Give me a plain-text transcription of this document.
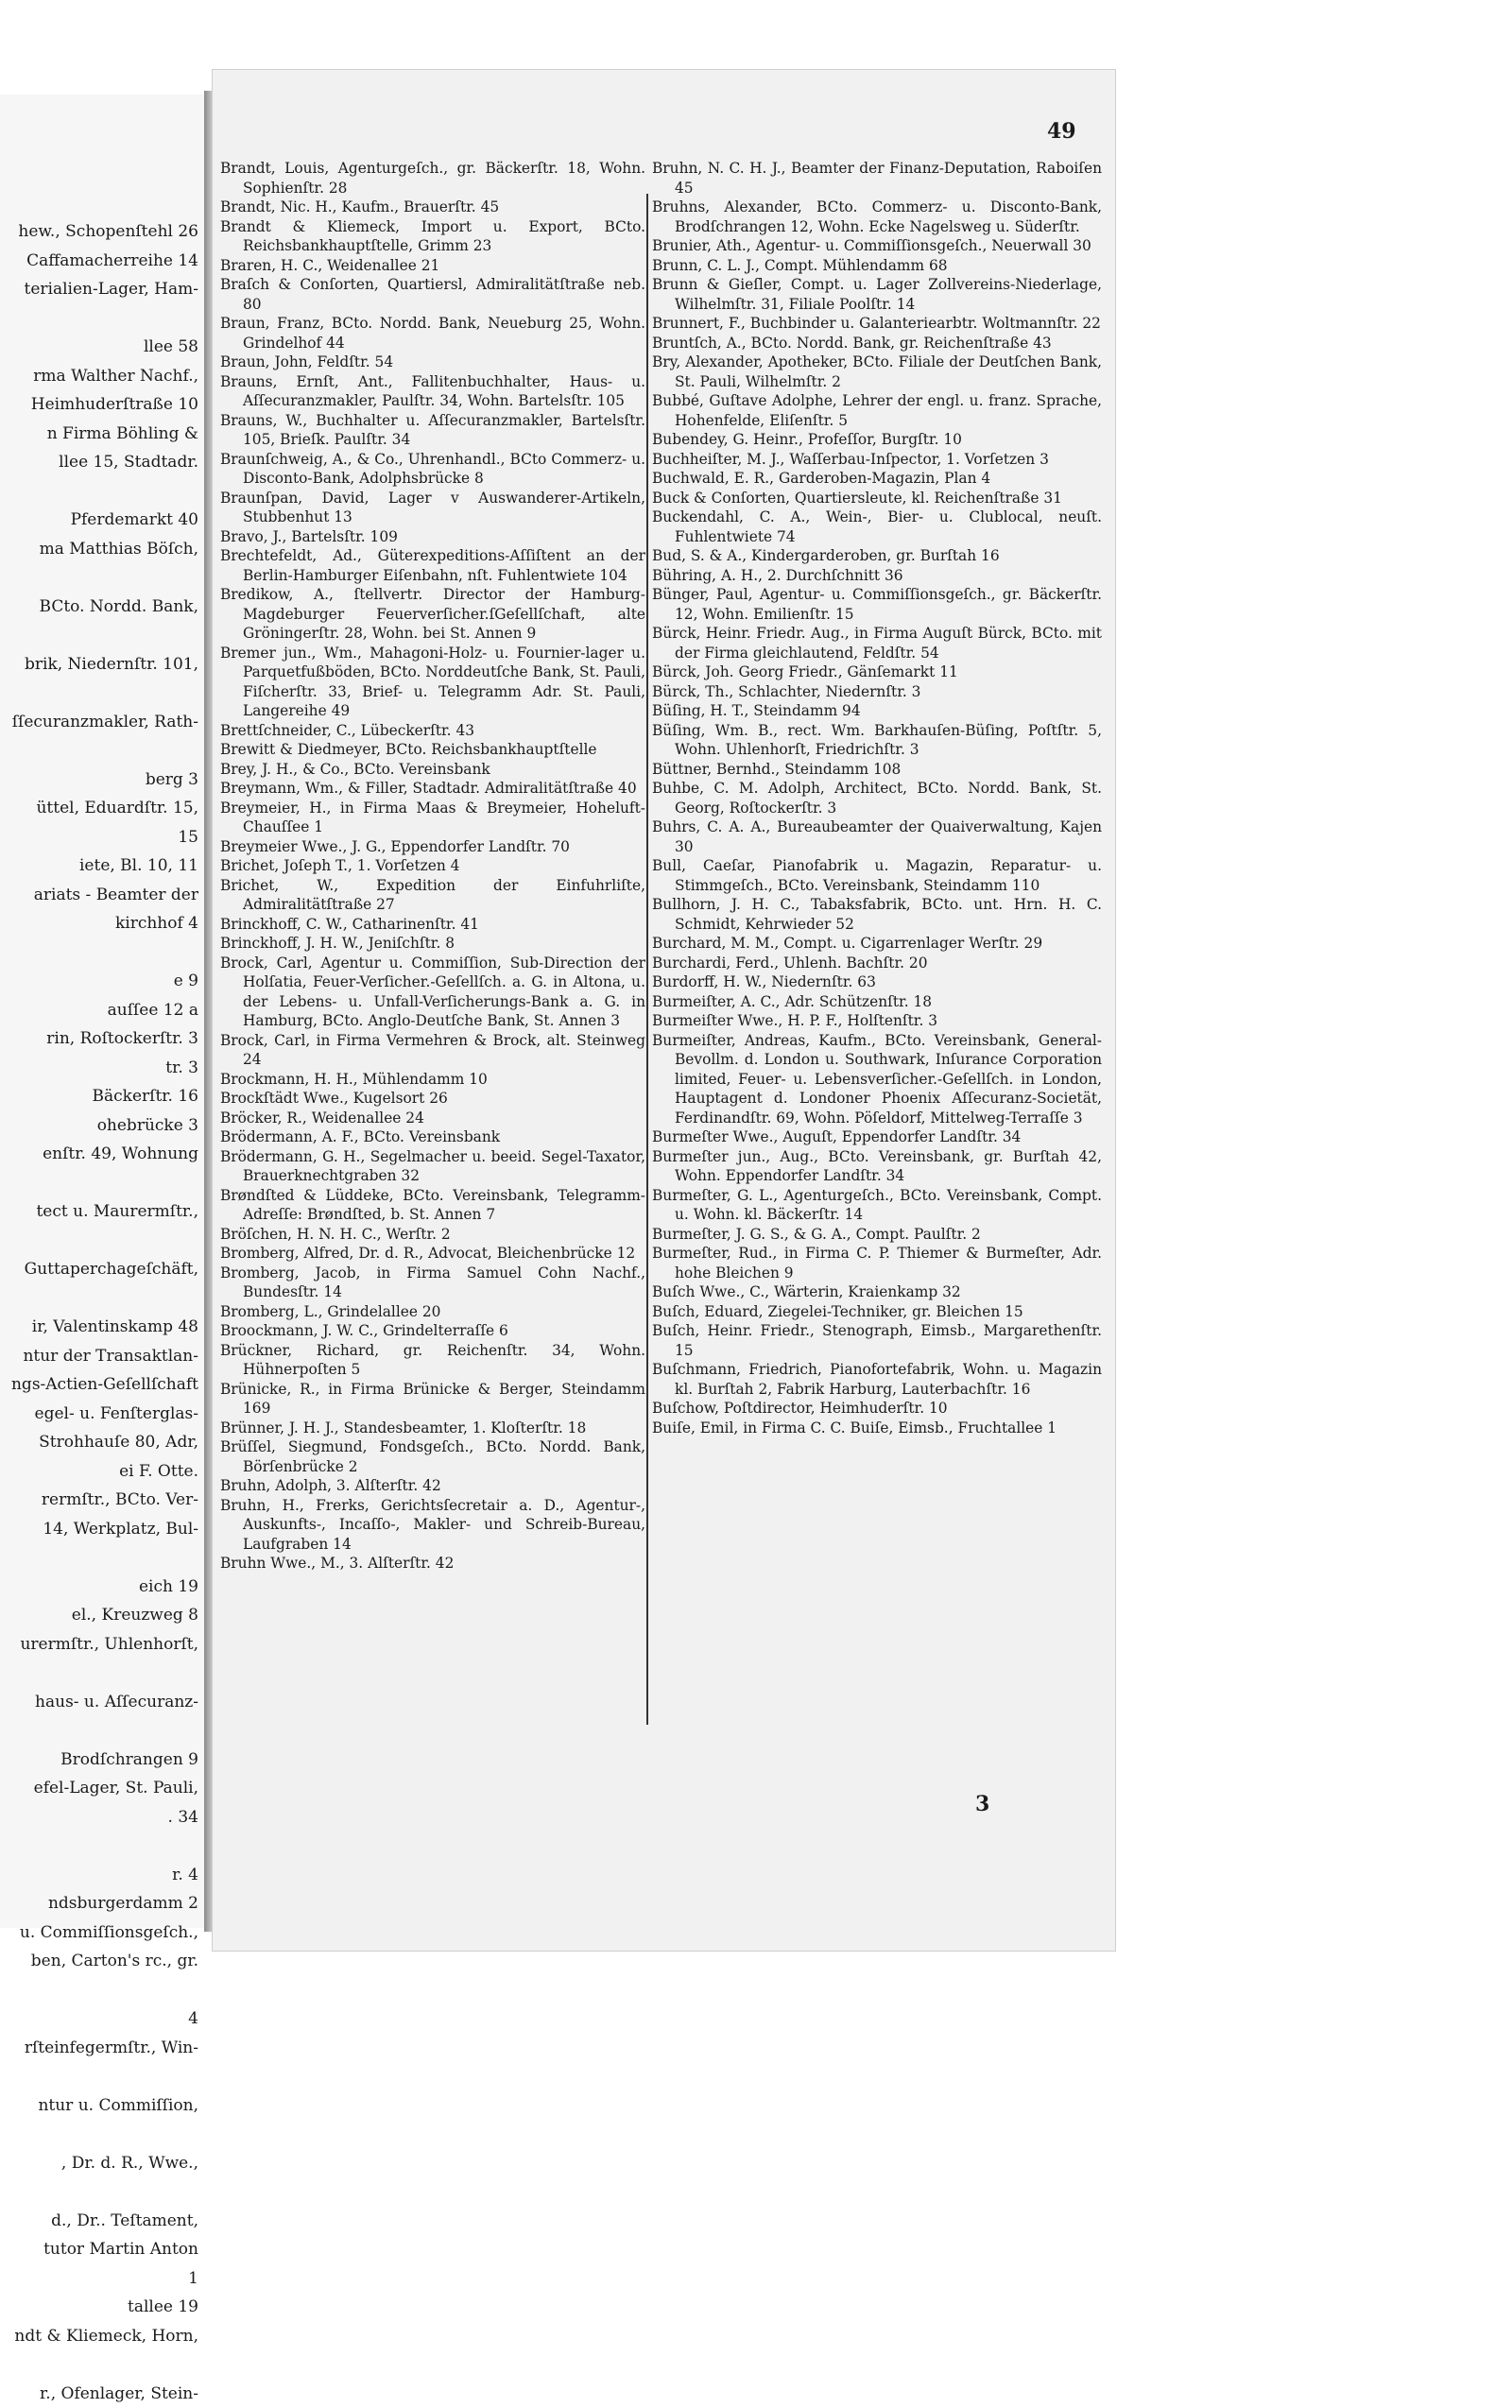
hew., Schopenſtehl 26
Caffamacherreihe 14
terialien-Lager, Ham-

llee 58
rma Walther Nachf.,
Heimhuderſtraße 10
n Firma Böhling &
llee 15, Stadtadr.

Pferdemarkt 40
ma Matthias Böſch,

BCto. Nordd. Bank,

brik, Niedernſtr. 101,

ſſecuranzmakler, Rath-

berg 3
üttel, Eduardſtr. 15,
15
iete, Bl. 10, 11
ariats - Beamter der
kirchhof 4

e 9
auſſee 12 a
rin, Roſtockerſtr. 3
tr. 3
Bäckerſtr. 16
ohebrücke 3
enſtr. 49, Wohnung

tect u. Maurermſtr.,

Guttaperchageſchäft,

ir, Valentinskamp 48
ntur der Transaktlan-
ngs-Actien-Geſellſchaft
egel- u. Fenſterglas-
Strohhauſe 80, Adr,
ei F. Otte.
rermſtr., BCto. Ver-
14, Werkplatz, Bul-

eich 19
el., Kreuzweg 8
urermſtr., Uhlenhorſt,

haus- u. Aſſecuranz-

Brodſchrangen 9
efel-Lager, St. Pauli,
. 34

r. 4
ndsburgerdamm 2
u. Commiſſionsgeſch.,
ben, Carton's rc., gr.

4
rſteinfegermſtr., Win-

ntur u. Commiſſion,

, Dr. d. R., Wwe.,

d., Dr.. Teſtament,
tutor Martin Anton
1
tallee 19
ndt & Kliemeck, Horn,

r., Ofenlager, Stein-
49
Brandt, Louis, Agenturgeſch., gr. Bäckerſtr. 18, Wohn. Sophienſtr. 28
Brandt, Nic. H., Kaufm., Brauerſtr. 45
Brandt & Kliemeck, Import u. Export, BCto. Reichsbankhauptſtelle, Grimm 23
Braren, H. C., Weidenallee 21
Braſch & Conſorten, Quartiersl, Admiralitätſtraße neb. 80
Braun, Franz, BCto. Nordd. Bank, Neueburg 25, Wohn. Grindelhof 44
Braun, John, Feldſtr. 54
Brauns, Ernſt, Ant., Fallitenbuchhalter, Haus- u. Aſſecuranzmakler, Paulſtr. 34, Wohn. Bartelsſtr. 105
Brauns, W., Buchhalter u. Aſſecuranzmakler, Bartelsſtr. 105, Brieſk. Paulſtr. 34
Braunſchweig, A., & Co., Uhrenhandl., BCto Commerz- u. Disconto-Bank, Adolphsbrücke 8
Braunſpan, David, Lager v Auswanderer-Artikeln, Stubbenhut 13
Bravo, J., Bartelsſtr. 109
Brechtefeldt, Ad., Güterexpeditions-Aſſiſtent an der Berlin-Hamburger Eiſenbahn, nſt. Fuhlentwiete 104
Bredikow, A., ſtellvertr. Director der Hamburg-Magdeburger Feuerverſicher.ſGeſellſchaft, alte Gröningerſtr. 28, Wohn. bei St. Annen 9
Bremer jun., Wm., Mahagoni-Holz- u. Fournier-lager u. Parquetfußböden, BCto. Norddeutſche Bank, St. Pauli, Fiſcherſtr. 33, Brief- u. Telegramm Adr. St. Pauli, Langereihe 49
Brettſchneider, C., Lübeckerſtr. 43
Brewitt & Diedmeyer, BCto. Reichsbankhauptſtelle
Brey, J. H., & Co., BCto. Vereinsbank
Breymann, Wm., & Filler, Stadtadr. Admiralitätſtraße 40
Breymeier, H., in Firma Maas & Breymeier, Hoheluft-Chauſſee 1
Breymeier Wwe., J. G., Eppendorfer Landſtr. 70
Brichet, Joſeph T., 1. Vorſetzen 4
Brichet, W., Expedition der Einfuhrliſte, Admiralitätſtraße 27
Brinckhoff, C. W., Catharinenſtr. 41
Brinckhoff, J. H. W., Jeniſchſtr. 8
Brock, Carl, Agentur u. Commiſſion, Sub-Direction der Holſatia, Feuer-Verſicher.-Geſellſch. a. G. in Altona, u. der Lebens- u. Unfall-Verſicherungs-Bank a. G. in Hamburg, BCto. Anglo-Deutſche Bank, St. Annen 3
Brock, Carl, in Firma Vermehren & Brock, alt. Steinweg 24
Brockmann, H. H., Mühlendamm 10
Brockſtädt Wwe., Kugelsort 26
Bröcker, R., Weidenallee 24
Brödermann, A. F., BCto. Vereinsbank
Brödermann, G. H., Segelmacher u. beeid. Segel-Taxator, Brauerknechtgraben 32
Brøndſted & Lüddeke, BCto. Vereinsbank, Telegramm-Adreſſe: Brøndſted, b. St. Annen 7
Bröſchen, H. N. H. C., Werſtr. 2
Bromberg, Alfred, Dr. d. R., Advocat, Bleichenbrücke 12
Bromberg, Jacob, in Firma Samuel Cohn Nachf., Bundesſtr. 14
Bromberg, L., Grindelallee 20
Broockmann, J. W. C., Grindelterraſſe 6
Brückner, Richard, gr. Reichenſtr. 34, Wohn. Hühnerpoſten 5
Brünicke, R., in Firma Brünicke & Berger, Steindamm 169
Brünner, J. H. J., Standesbeamter, 1. Kloſterſtr. 18
Brüſſel, Siegmund, Fondsgeſch., BCto. Nordd. Bank, Börſenbrücke 2
Bruhn, Adolph, 3. Alſterſtr. 42
Bruhn, H., Frerks, Gerichtsſecretair a. D., Agentur-, Auskunfts-, Incaſſo-, Makler- und Schreib-Bureau, Laufgraben 14
Bruhn Wwe., M., 3. Alſterſtr. 42
Bruhn, N. C. H. J., Beamter der Finanz-Deputation, Raboiſen 45
Bruhns, Alexander, BCto. Commerz- u. Disconto-Bank, Brodſchrangen 12, Wohn. Ecke Nagelsweg u. Süderſtr.
Brunier, Ath., Agentur- u. Commiſſionsgeſch., Neuerwall 30
Brunn, C. L. J., Compt. Mühlendamm 68
Brunn & Gieſler, Compt. u. Lager Zollvereins-Niederlage, Wilhelmſtr. 31, Filiale Poolſtr. 14
Brunnert, F., Buchbinder u. Galanteriearbtr. Woltmannſtr. 22
Bruntſch, A., BCto. Nordd. Bank, gr. Reichenſtraße 43
Bry, Alexander, Apotheker, BCto. Filiale der Deutſchen Bank, St. Pauli, Wilhelmſtr. 2
Bubbé, Guſtave Adolphe, Lehrer der engl. u. franz. Sprache, Hohenfelde, Eliſenſtr. 5
Bubendey, G. Heinr., Profeſſor, Burgſtr. 10
Buchheiſter, M. J., Waſſerbau-Inſpector, 1. Vorſetzen 3
Buchwald, E. R., Garderoben-Magazin, Plan 4
Buck & Conſorten, Quartiersleute, kl. Reichenſtraße 31
Buckendahl, C. A., Wein-, Bier- u. Clublocal, neuſt. Fuhlentwiete 74
Bud, S. & A., Kindergarderoben, gr. Burſtah 16
Bühring, A. H., 2. Durchſchnitt 36
Bünger, Paul, Agentur- u. Commiſſionsgeſch., gr. Bäckerſtr. 12, Wohn. Emilienſtr. 15
Bürck, Heinr. Friedr. Aug., in Firma Auguſt Bürck, BCto. mit der Firma gleichlautend, Feldſtr. 54
Bürck, Joh. Georg Friedr., Gänſemarkt 11
Bürck, Th., Schlachter, Niedernſtr. 3
Büſing, H. T., Steindamm 94
Büſing, Wm. B., rect. Wm. Barkhauſen-Büſing, Poſtſtr. 5, Wohn. Uhlenhorſt, Friedrichſtr. 3
Büttner, Bernhd., Steindamm 108
Buhbe, C. M. Adolph, Architect, BCto. Nordd. Bank, St. Georg, Roſtockerſtr. 3
Buhrs, C. A. A., Bureaubeamter der Quaiverwaltung, Kajen 30
Bull, Caeſar, Pianofabrik u. Magazin, Reparatur- u. Stimmgeſch., BCto. Vereinsbank, Steindamm 110
Bullhorn, J. H. C., Tabaksfabrik, BCto. unt. Hrn. H. C. Schmidt, Kehrwieder 52
Burchard, M. M., Compt. u. Cigarrenlager Werſtr. 29
Burchardi, Ferd., Uhlenh. Bachſtr. 20
Burdorff, H. W., Niedernſtr. 63
Burmeiſter, A. C., Adr. Schützenſtr. 18
Burmeiſter Wwe., H. P. F., Holſtenſtr. 3
Burmeiſter, Andreas, Kaufm., BCto. Vereinsbank, General-Bevollm. d. London u. Southwark, Inſurance Corporation limited, Feuer- u. Lebensverſicher.-Geſellſch. in London, Hauptagent d. Londoner Phoenix Aſſecuranz-Societät, Ferdinandſtr. 69, Wohn. Pöſeldorf, Mittelweg-Terraſſe 3
Burmeſter Wwe., Auguſt, Eppendorfer Landſtr. 34
Burmeſter jun., Aug., BCto. Vereinsbank, gr. Burſtah 42, Wohn. Eppendorfer Landſtr. 34
Burmeſter, G. L., Agenturgeſch., BCto. Vereinsbank, Compt. u. Wohn. kl. Bäckerſtr. 14
Burmeſter, J. G. S., & G. A., Compt. Paulſtr. 2
Burmeſter, Rud., in Firma C. P. Thiemer & Burmeſter, Adr. hohe Bleichen 9
Buſch Wwe., C., Wärterin, Kraienkamp 32
Buſch, Eduard, Ziegelei-Techniker, gr. Bleichen 15
Buſch, Heinr. Friedr., Stenograph, Eimsb., Margarethenſtr. 15
Buſchmann, Friedrich, Pianofortefabrik, Wohn. u. Magazin kl. Burſtah 2, Fabrik Harburg, Lauterbachſtr. 16
Buſchow, Poſtdirector, Heimhuderſtr. 10
Buiſe, Emil, in Firma C. C. Buiſe, Eimsb., Fruchtallee 1
3
